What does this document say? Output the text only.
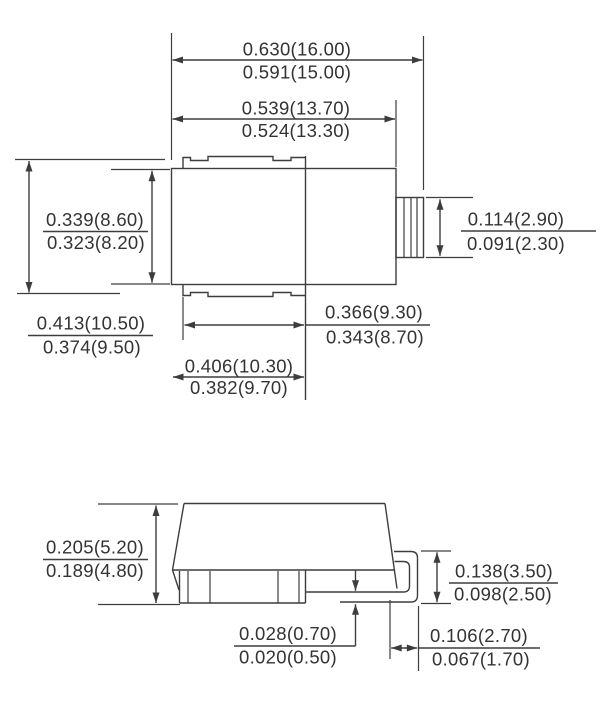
0.630(16.00)
0.591(15.00)
0.539(13.70)
0.524(13.30)
0.339(8.60)
0.323(8.20)
0.413(10.50)
0.374(9.50)
0.114(2.90)
0.091(2.30)
0.366(9.30)
0.343(8.70)
0.406(10.30)
0.382(9.70)
0.205(5.20)
0.189(4.80)	0.138(3.50)
0.098(2.50)
0.028(0.70)
0.020(0.50)
0.106(2.70)
0.067(1.70)
